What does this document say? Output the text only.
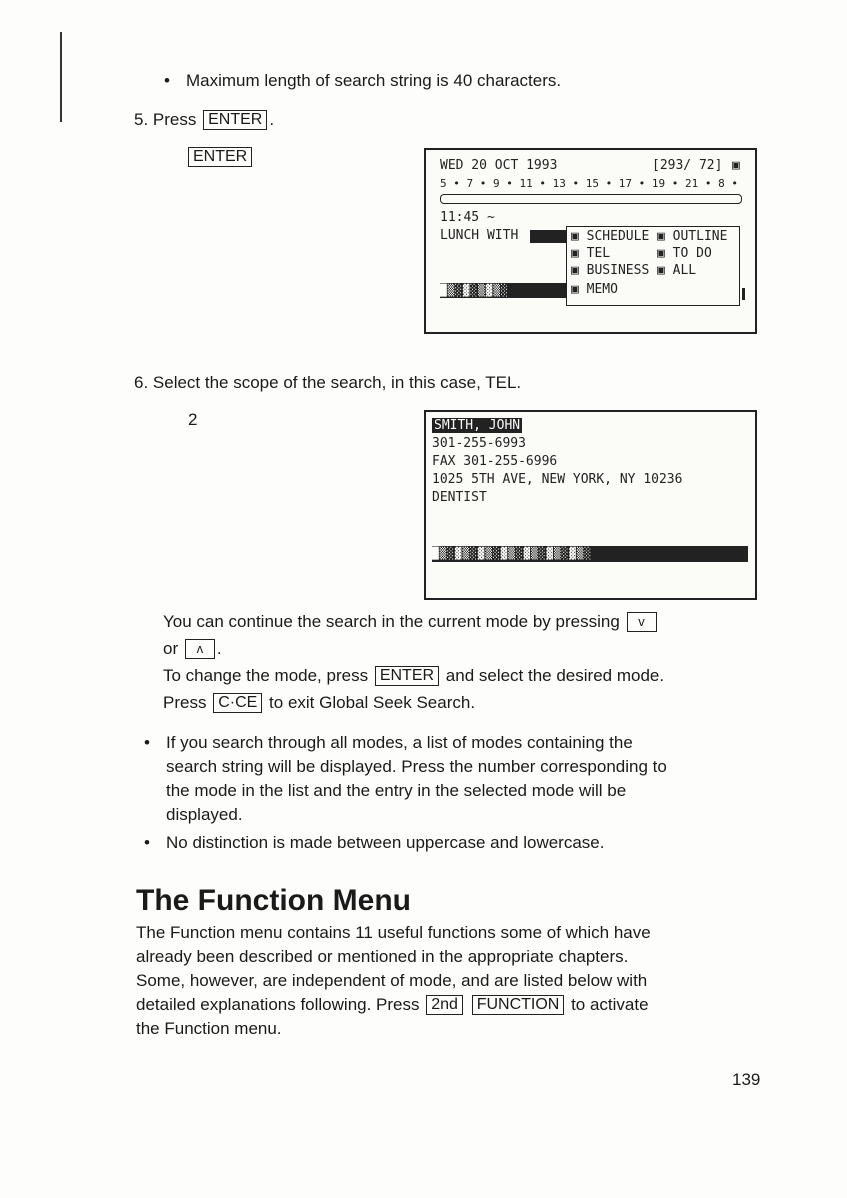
• Maximum length of search string is 40 characters.
5. Press ENTER .
ENTER
WED 20 OCT 1993	[293/ 72] ▣
5 • 7 • 9 • 11 • 13 • 15 • 17 • 19 • 21 • 8 •
11:45 ~
LUNCH WITH
█▒░▓░▒▓▒░
▣ SCHEDULE ▣ OUTLINE
▣ TEL	▣ TO DO
▣ BUSINESS ▣ ALL
▣ MEMO
6. Select the scope of the search, in this case, TEL.
2	SMITH, JOHN
301-255-6993
FAX 301-255-6996
1025 5TH AVE, NEW YORK, NY 10236
DENTIST
█▒░▓▒░▓▒░▓▒░▓▒░▓▒░▓▒░
You can continue the search in the current mode by pressing v
or ʌ .
To change the mode, press ENTER and select the desired mode.
Press C·CE to exit Global Seek Search.
• If you search through all modes, a list of modes containing the
search string will be displayed. Press the number corresponding to
the mode in the list and the entry in the selected mode will be
displayed.
• No distinction is made between uppercase and lowercase.
The Function Menu
The Function menu contains 11 useful functions some of which have
already been described or mentioned in the appropriate chapters.
Some, however, are independent of mode, and are listed below with
detailed explanations following. Press 2nd FUNCTION to activate
the Function menu.
139
